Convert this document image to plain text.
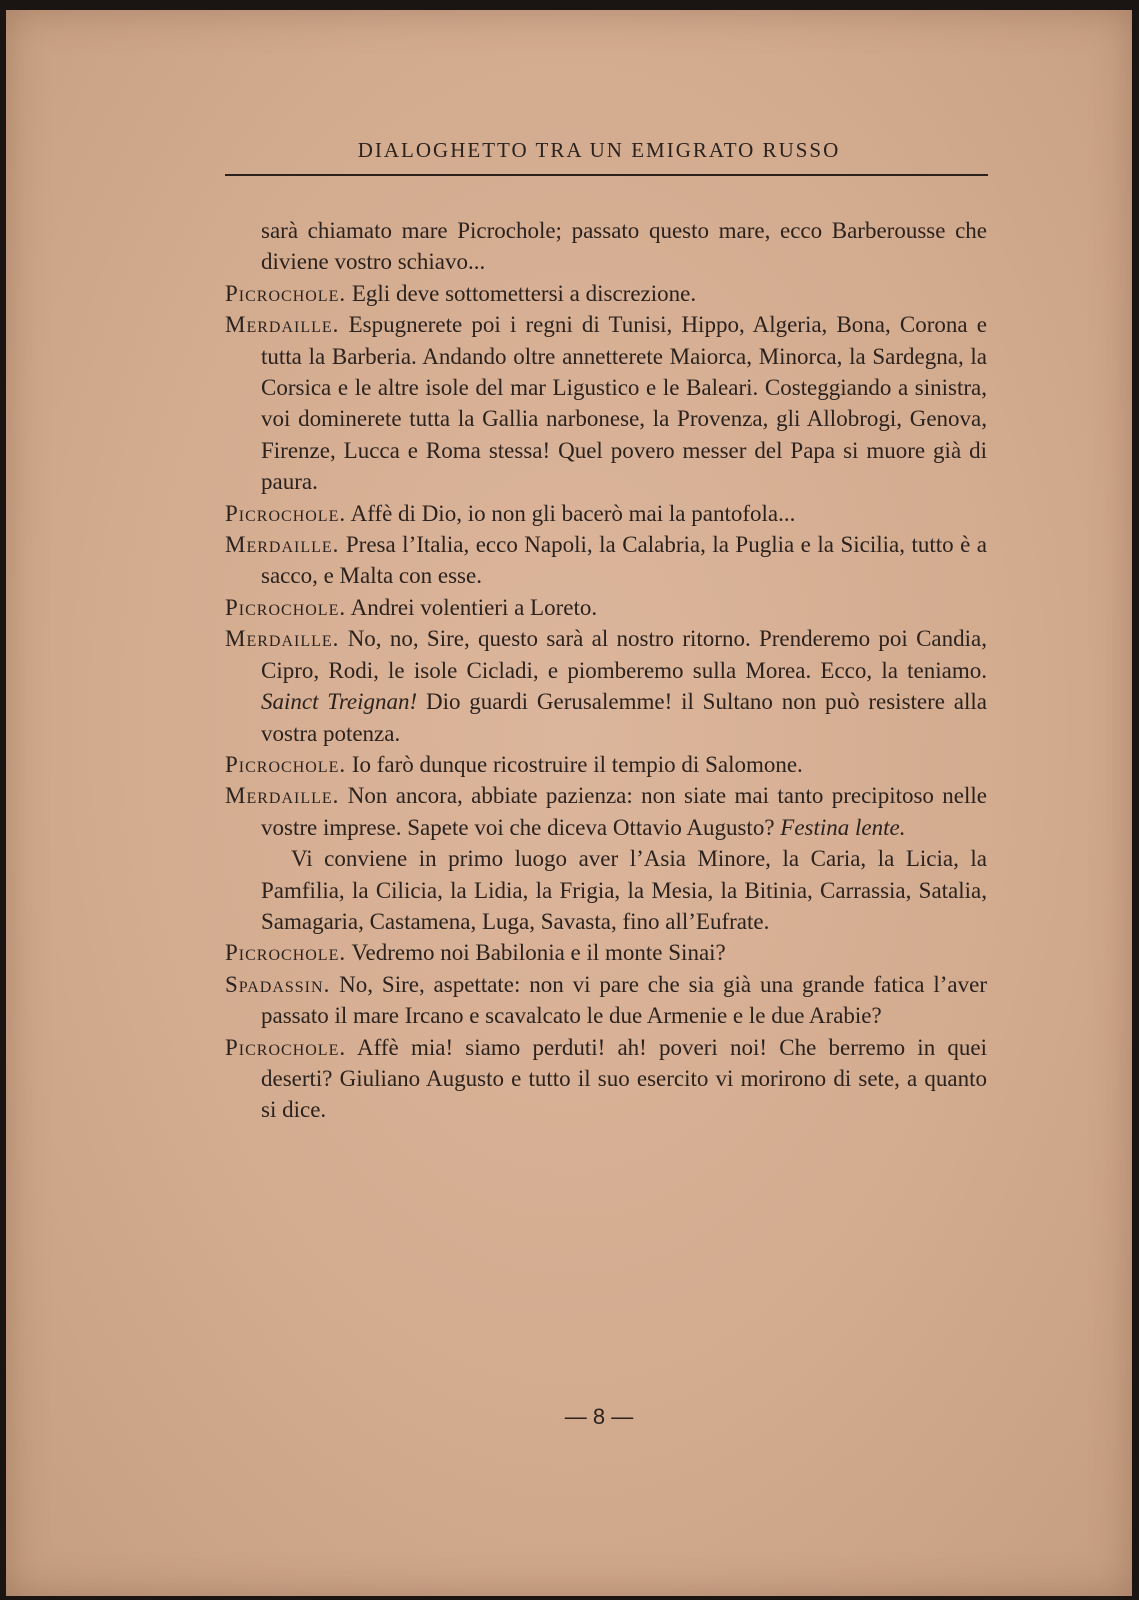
DIALOGHETTO TRA UN EMIGRATO RUSSO

sarà chiamato mare Picrochole; passato questo mare, ecco Barberousse che diviene vostro schiavo...

Picrochole. Egli deve sottomettersi a discrezione.

Merdaille. Espugnerete poi i regni di Tunisi, Hippo, Algeria, Bona, Corona e tutta la Barberia. Andando oltre annetterete Maiorca, Minorca, la Sardegna, la Corsica e le altre isole del mar Ligustico e le Baleari. Costeggiando a sinistra, voi dominerete tutta la Gallia narbonese, la Provenza, gli Allobrogi, Genova, Firenze, Lucca e Roma stessa! Quel povero messer del Papa si muore già di paura.

Picrochole. Affè di Dio, io non gli bacerò mai la pantofola...

Merdaille. Presa l’Italia, ecco Napoli, la Calabria, la Puglia e la Sicilia, tutto è a sacco, e Malta con esse.

Picrochole. Andrei volentieri a Loreto.

Merdaille. No, no, Sire, questo sarà al nostro ritorno. Prenderemo poi Candia, Cipro, Rodi, le isole Cicladi, e piomberemo sulla Morea. Ecco, la teniamo. Sainct Treignan! Dio guardi Gerusalemme! il Sultano non può resistere alla vostra potenza.

Picrochole. Io farò dunque ricostruire il tempio di Salomone.

Merdaille. Non ancora, abbiate pazienza: non siate mai tanto precipitoso nelle vostre imprese. Sapete voi che diceva Ottavio Augusto? Festina lente.

Vi conviene in primo luogo aver l’Asia Minore, la Caria, la Licia, la Pamfilia, la Cilicia, la Lidia, la Frigia, la Mesia, la Bitinia, Carrassia, Satalia, Samagaria, Castamena, Luga, Savasta, fino all’Eufrate.

Picrochole. Vedremo noi Babilonia e il monte Sinai?

Spadassin. No, Sire, aspettate: non vi pare che sia già una grande fatica l’aver passato il mare Ircano e scavalcato le due Armenie e le due Arabie?

Picrochole. Affè mia! siamo perduti! ah! poveri noi! Che berremo in quei deserti? Giuliano Augusto e tutto il suo esercito vi morirono di sete, a quanto si dice.

— 8 —
